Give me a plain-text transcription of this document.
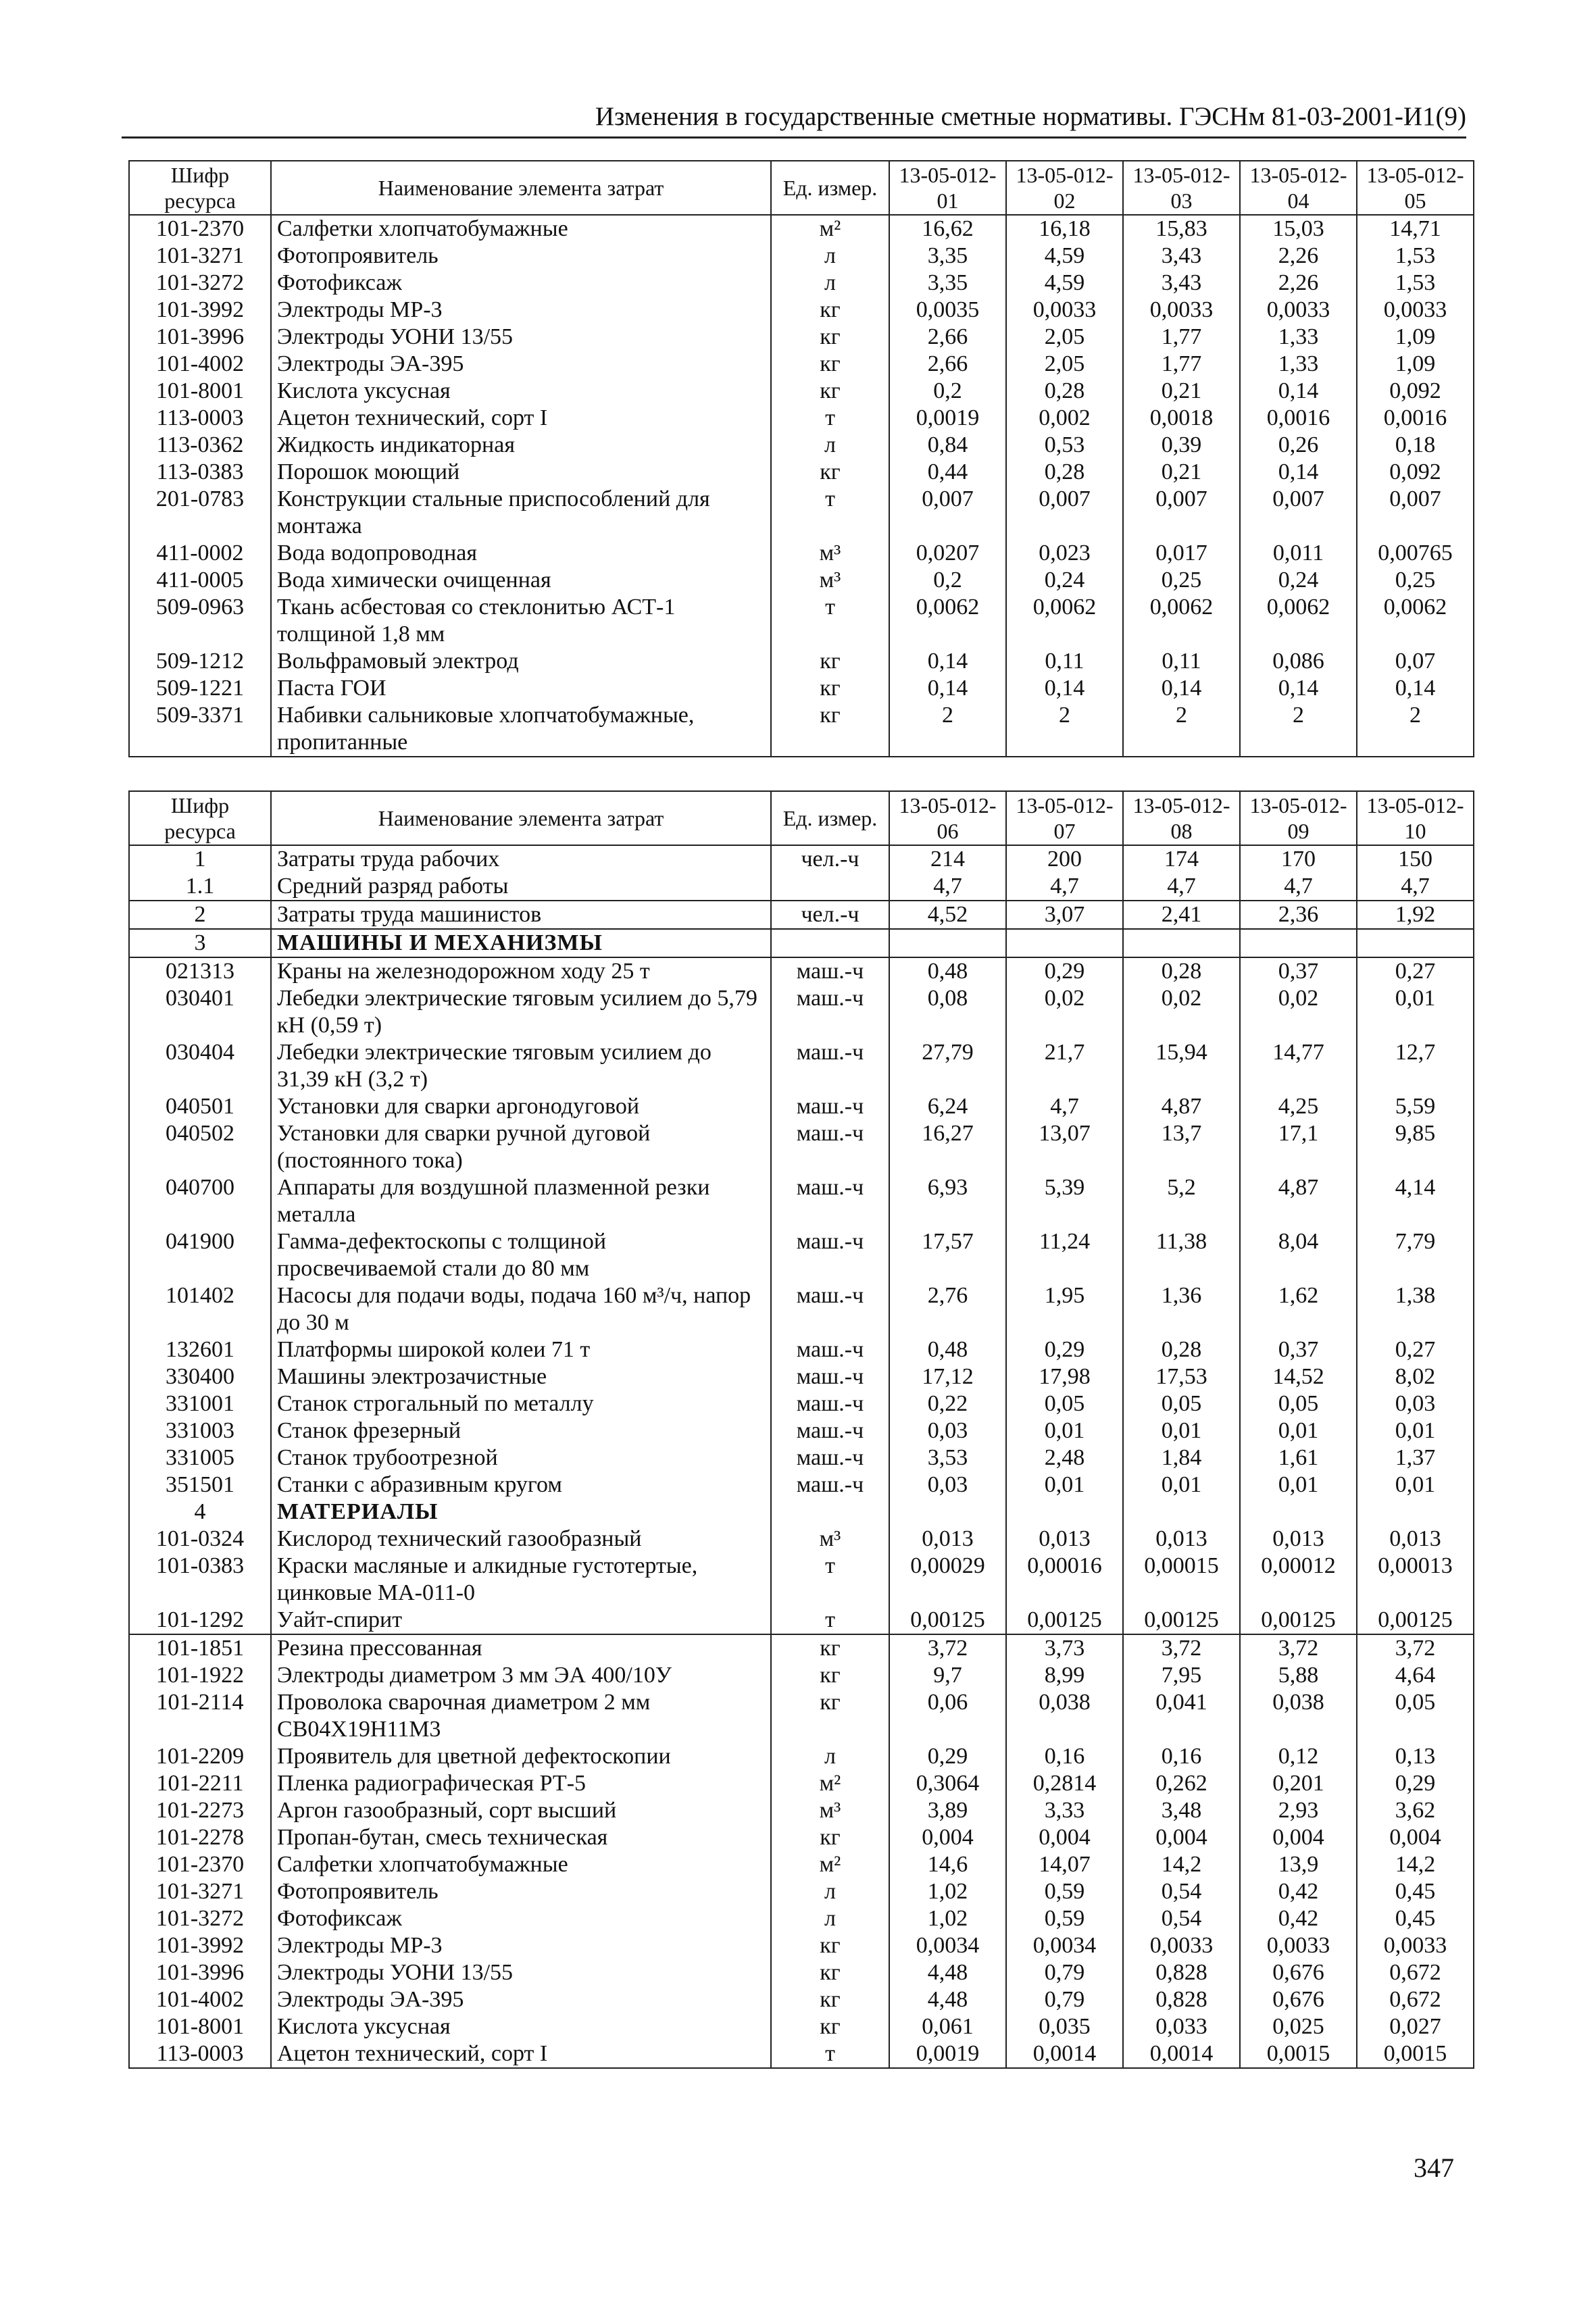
Изменения в государственные сметные нормативы. ГЭСНм 81-03-2001-И1(9)
Шифр ресурса	Наименование элемента затрат	Ед. измер.	13-05-012-01	13-05-012-02	13-05-012-03	13-05-012-04	13-05-012-05
101-2370	Салфетки хлопчатобумажные	м²	16,62	16,18	15,83	15,03	14,71
101-3271	Фотопроявитель	л	3,35	4,59	3,43	2,26	1,53
101-3272	Фотофиксаж	л	3,35	4,59	3,43	2,26	1,53
101-3992	Электроды МР-3	кг	0,0035	0,0033	0,0033	0,0033	0,0033
101-3996	Электроды УОНИ 13/55	кг	2,66	2,05	1,77	1,33	1,09
101-4002	Электроды ЭА-395	кг	2,66	2,05	1,77	1,33	1,09
101-8001	Кислота уксусная	кг	0,2	0,28	0,21	0,14	0,092
113-0003	Ацетон технический, сорт I	т	0,0019	0,002	0,0018	0,0016	0,0016
113-0362	Жидкость индикаторная	л	0,84	0,53	0,39	0,26	0,18
113-0383	Порошок моющий	кг	0,44	0,28	0,21	0,14	0,092
201-0783	Конструкции стальные приспособлений для монтажа	т	0,007	0,007	0,007	0,007	0,007
411-0002	Вода водопроводная	м³	0,0207	0,023	0,017	0,011	0,00765
411-0005	Вода химически очищенная	м³	0,2	0,24	0,25	0,24	0,25
509-0963	Ткань асбестовая со стеклонитью АСТ-1 толщиной 1,8 мм	т	0,0062	0,0062	0,0062	0,0062	0,0062
509-1212	Вольфрамовый электрод	кг	0,14	0,11	0,11	0,086	0,07
509-1221	Паста ГОИ	кг	0,14	0,14	0,14	0,14	0,14
509-3371	Набивки сальниковые хлопчатобумажные, пропитанные	кг	2	2	2	2	2
Шифр ресурса	Наименование элемента затрат	Ед. измер.	13-05-012-06	13-05-012-07	13-05-012-08	13-05-012-09	13-05-012-10
1	Затраты труда рабочих	чел.-ч	214	200	174	170	150
1.1	Средний разряд работы		4,7	4,7	4,7	4,7	4,7
2	Затраты труда машинистов	чел.-ч	4,52	3,07	2,41	2,36	1,92
3	МАШИНЫ И МЕХАНИЗМЫ						
021313	Краны на железнодорожном ходу 25 т	маш.-ч	0,48	0,29	0,28	0,37	0,27
030401	Лебедки электрические тяговым усилием до 5,79 кН (0,59 т)	маш.-ч	0,08	0,02	0,02	0,02	0,01
030404	Лебедки электрические тяговым усилием до 31,39 кН (3,2 т)	маш.-ч	27,79	21,7	15,94	14,77	12,7
040501	Установки для сварки аргонодуговой	маш.-ч	6,24	4,7	4,87	4,25	5,59
040502	Установки для сварки ручной дуговой (постоянного тока)	маш.-ч	16,27	13,07	13,7	17,1	9,85
040700	Аппараты для воздушной плазменной резки металла	маш.-ч	6,93	5,39	5,2	4,87	4,14
041900	Гамма-дефектоскопы с толщиной просвечиваемой стали до 80 мм	маш.-ч	17,57	11,24	11,38	8,04	7,79
101402	Насосы для подачи воды, подача 160 м³/ч, напор до 30 м	маш.-ч	2,76	1,95	1,36	1,62	1,38
132601	Платформы широкой колеи 71 т	маш.-ч	0,48	0,29	0,28	0,37	0,27
330400	Машины электрозачистные	маш.-ч	17,12	17,98	17,53	14,52	8,02
331001	Станок строгальный по металлу	маш.-ч	0,22	0,05	0,05	0,05	0,03
331003	Станок фрезерный	маш.-ч	0,03	0,01	0,01	0,01	0,01
331005	Станок трубоотрезной	маш.-ч	3,53	2,48	1,84	1,61	1,37
351501	Станки с абразивным кругом	маш.-ч	0,03	0,01	0,01	0,01	0,01
4	МАТЕРИАЛЫ						
101-0324	Кислород технический газообразный	м³	0,013	0,013	0,013	0,013	0,013
101-0383	Краски масляные и алкидные густотертые, цинковые МА-011-0	т	0,00029	0,00016	0,00015	0,00012	0,00013
101-1292	Уайт-спирит	т	0,00125	0,00125	0,00125	0,00125	0,00125
101-1851	Резина прессованная	кг	3,72	3,73	3,72	3,72	3,72
101-1922	Электроды диаметром 3 мм ЭА 400/10У	кг	9,7	8,99	7,95	5,88	4,64
101-2114	Проволока сварочная диаметром 2 мм СВ04Х19Н11М3	кг	0,06	0,038	0,041	0,038	0,05
101-2209	Проявитель для цветной дефектоскопии	л	0,29	0,16	0,16	0,12	0,13
101-2211	Пленка радиографическая РТ-5	м²	0,3064	0,2814	0,262	0,201	0,29
101-2273	Аргон газообразный, сорт высший	м³	3,89	3,33	3,48	2,93	3,62
101-2278	Пропан-бутан, смесь техническая	кг	0,004	0,004	0,004	0,004	0,004
101-2370	Салфетки хлопчатобумажные	м²	14,6	14,07	14,2	13,9	14,2
101-3271	Фотопроявитель	л	1,02	0,59	0,54	0,42	0,45
101-3272	Фотофиксаж	л	1,02	0,59	0,54	0,42	0,45
101-3992	Электроды МР-3	кг	0,0034	0,0034	0,0033	0,0033	0,0033
101-3996	Электроды УОНИ 13/55	кг	4,48	0,79	0,828	0,676	0,672
101-4002	Электроды ЭА-395	кг	4,48	0,79	0,828	0,676	0,672
101-8001	Кислота уксусная	кг	0,061	0,035	0,033	0,025	0,027
113-0003	Ацетон технический, сорт I	т	0,0019	0,0014	0,0014	0,0015	0,0015
347
